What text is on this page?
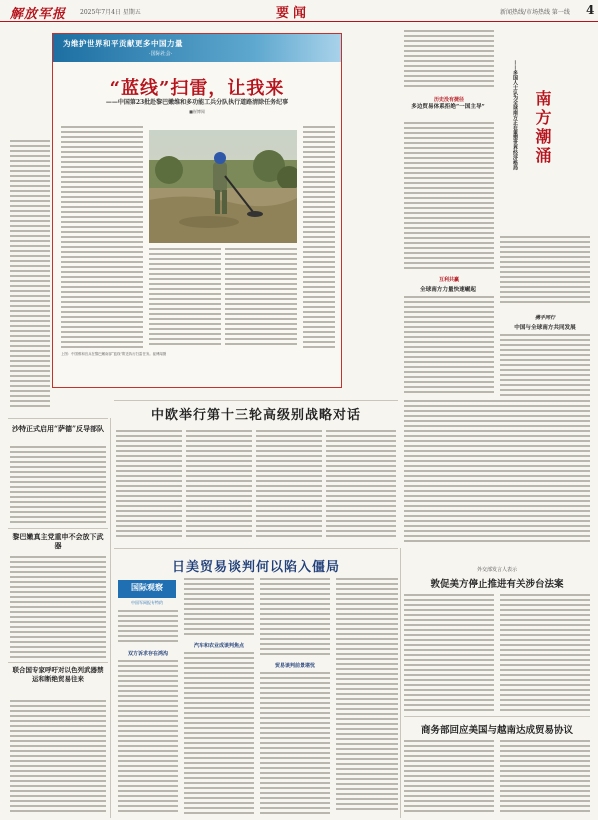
解放军报 2025年7月4日 星期五	要闻	新闻热线/市场热线 第一线 4
为维护世界和平贡献更多中国力量
·国际社会·
“蓝线”扫雷，让我来
——中国第23批赴黎巴嫩维和多功能工兵分队执行道路清除任务纪事
■崔博闻
上图：中国维和官兵在黎巴嫩南部“蓝线”附近执行扫雷任务。崔博闻摄
沙特正式启用“萨德”反导部队
黎巴嫩真主党重申不会放下武器
联合国专家呼吁对以色列武器禁运和断绝贸易往来
——多国人士认为全球南方正在重塑世界经济格局 南方潮涌
历史没有捷径
多边贸易体系拒绝“一国主导”
互利共赢
全球南方力量快速崛起
携手同行
中国与全球南方共同发展
中欧举行第十三轮高级别战略对话
日美贸易谈判何以陷入僵局
国际观察
中国军网报专特约
双方诉求存在鸿沟
汽车和农业成谈判焦点
贸易谈判前景堪忧
外交部发言人表示
敦促美方停止推进有关涉台法案
商务部回应美国与越南达成贸易协议
